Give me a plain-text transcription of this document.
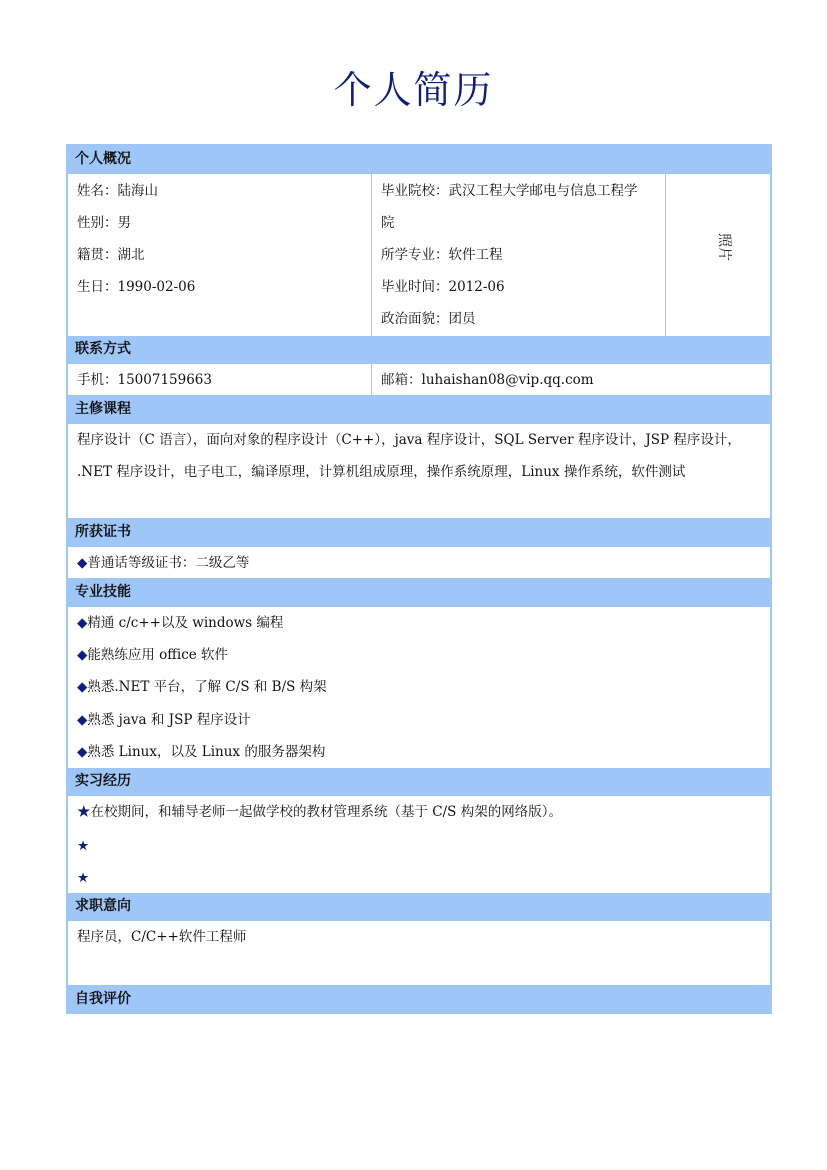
个人简历
个人概况
姓名：陆海山
性别：男
籍贯：湖北
生日：1990-02-06
毕业院校：武汉工程大学邮电与信息工程学
院
所学专业：软件工程
毕业时间：2012-06
政治面貌：团员
照片
联系方式
手机：15007159663	邮箱：luhaishan08@vip.qq.com
主修课程
程序设计（C 语言），面向对象的程序设计（C++），java 程序设计，SQL Server 程序设计，JSP 程序设计，
.NET 程序设计，电子电工，编译原理，计算机组成原理，操作系统原理，Linux 操作系统，软件测试
所获证书
◆普通话等级证书：二级乙等
专业技能
◆精通 c/c++以及 windows 编程
◆能熟练应用 office 软件
◆熟悉.NET 平台，了解 C/S 和 B/S 构架
◆熟悉 java 和 JSP 程序设计
◆熟悉 Linux，以及 Linux 的服务器架构
实习经历
★在校期间，和辅导老师一起做学校的教材管理系统（基于 C/S 构架的网络版）。
★
★
求职意向
程序员，C/C++软件工程师
自我评价
